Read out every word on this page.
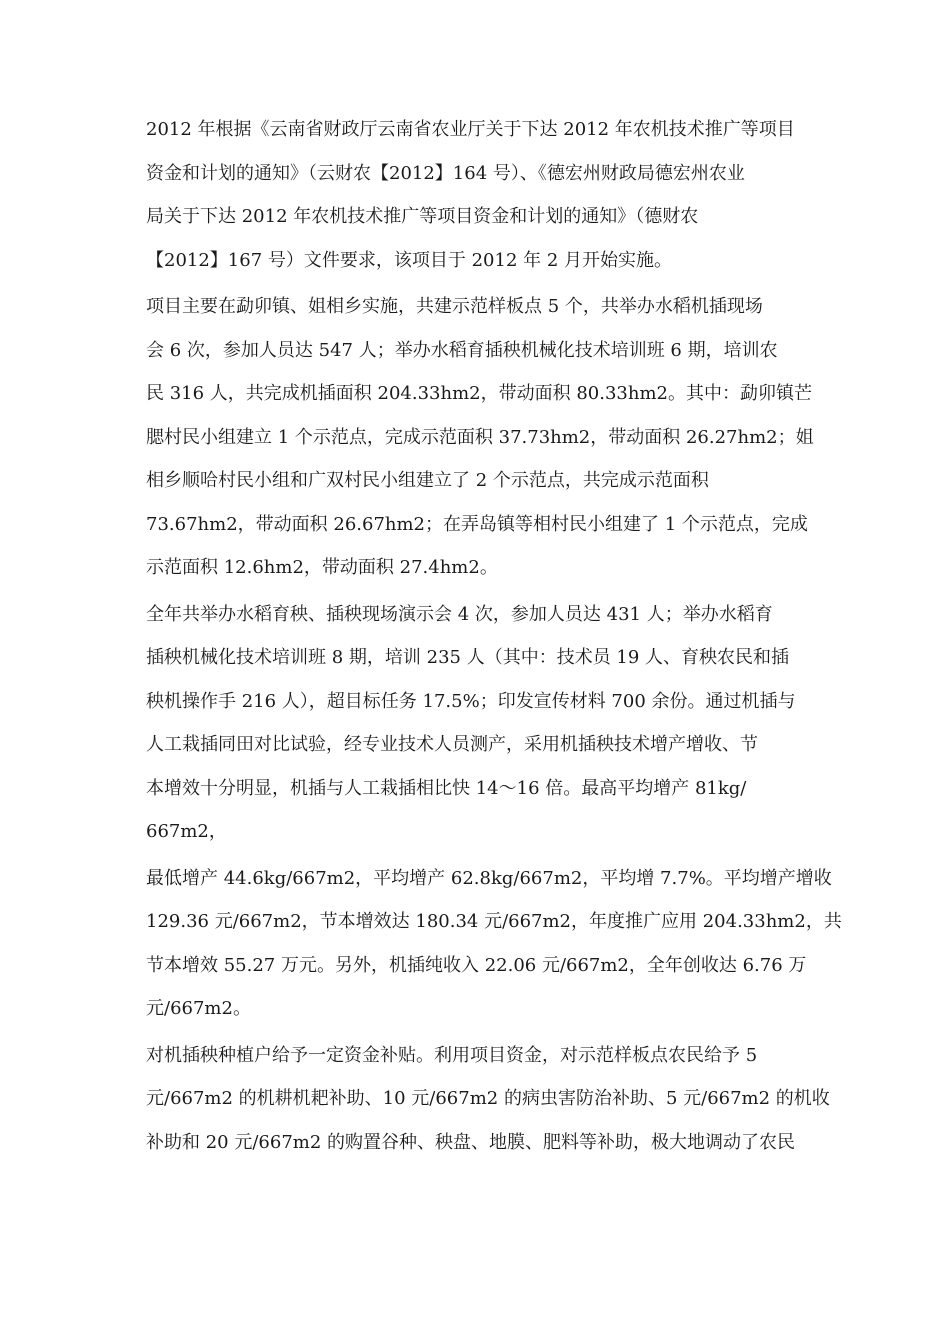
2012 年根据《云南省财政厅云南省农业厅关于下达 2012 年农机技术推广等项目
资金和计划的通知》（云财农【2012】164 号）、《德宏州财政局德宏州农业
局关于下达 2012 年农机技术推广等项目资金和计划的通知》（德财农
【2012】167 号）文件要求，该项目于 2012 年 2 月开始实施。

项目主要在勐卯镇、姐相乡实施，共建示范样板点 5 个，共举办水稻机插现场
会 6 次，参加人员达 547 人；举办水稻育插秧机械化技术培训班 6 期，培训农
民 316 人，共完成机插面积 204.33hm2，带动面积 80.33hm2。其中：勐卯镇芒
腮村民小组建立 1 个示范点，完成示范面积 37.73hm2，带动面积 26.27hm2；姐
相乡顺哈村民小组和广双村民小组建立了 2 个示范点，共完成示范面积
73.67hm2，带动面积 26.67hm2；在弄岛镇等相村民小组建了 1 个示范点，完成
示范面积 12.6hm2，带动面积 27.4hm2。

全年共举办水稻育秧、插秧现场演示会 4 次，参加人员达 431 人；举办水稻育
插秧机械化技术培训班 8 期，培训 235 人（其中：技术员 19 人、育秧农民和插
秧机操作手 216 人），超目标任务 17.5%；印发宣传材料 700 余份。通过机插与
人工栽插同田对比试验，经专业技术人员测产，采用机插秧技术增产增收、节
本增效十分明显，机插与人工栽插相比快 14～16 倍。最高平均增产 81kg/
667m2，

最低增产 44.6kg/667m2，平均增产 62.8kg/667m2，平均增 7.7%。平均增产增收
129.36 元/667m2，节本增效达 180.34 元/667m2，年度推广应用 204.33hm2，共
节本增效 55.27 万元。另外，机插纯收入 22.06 元/667m2，全年创收达 6.76 万
元/667m2。

对机插秧种植户给予一定资金补贴。利用项目资金，对示范样板点农民给予 5
元/667m2 的机耕机耙补助、10 元/667m2 的病虫害防治补助、5 元/667m2 的机收
补助和 20 元/667m2 的购置谷种、秧盘、地膜、肥料等补助，极大地调动了农民
